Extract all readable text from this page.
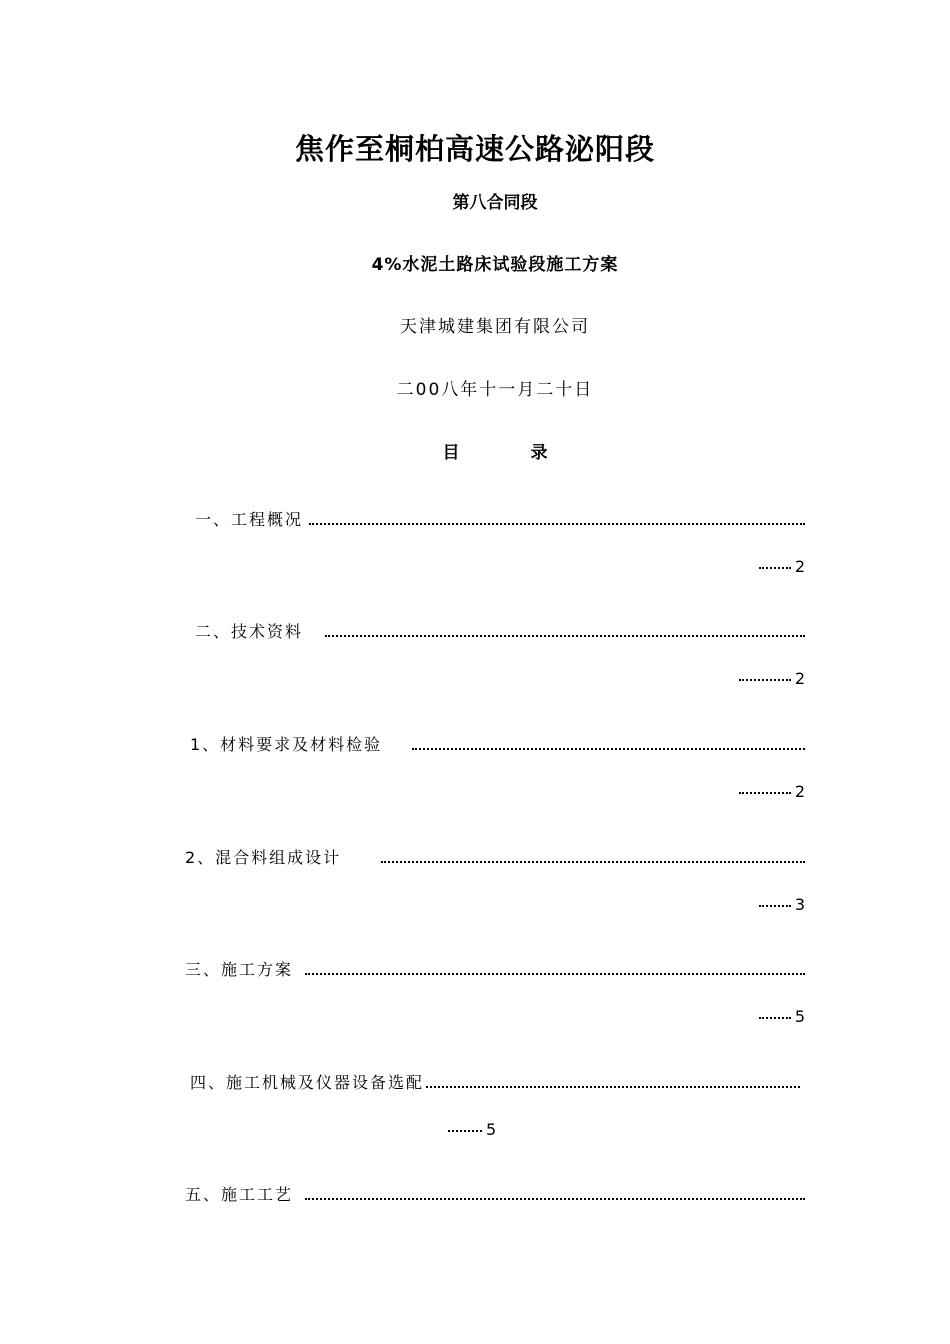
焦作至桐柏高速公路泌阳段
第八合同段
4%水泥土路床试验段施工方案
天津城建集团有限公司
二00八年十一月二十日
目 录
一、工程概况
2
二、技术资料
2
1、材料要求及材料检验
2
2、混合料组成设计
3
三、施工方案
5
四、施工机械及仪器设备选配
5
五、施工工艺
